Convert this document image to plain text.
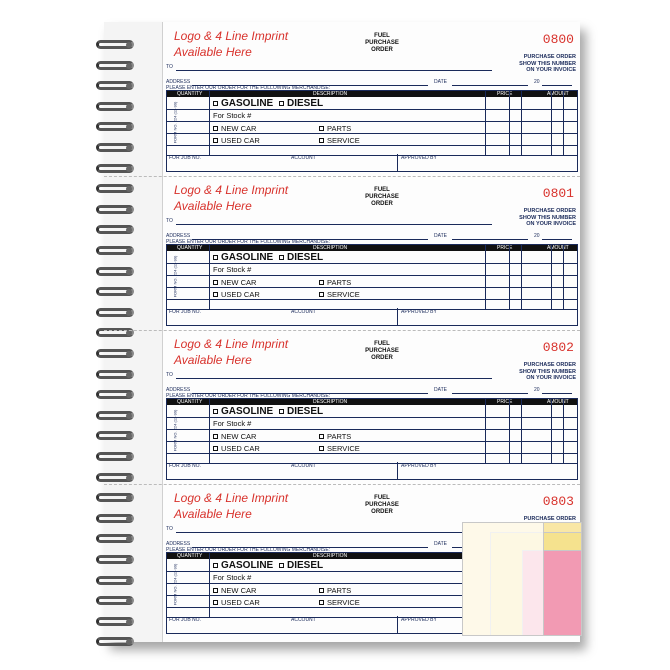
Logo & 4 Line Imprint
Available Here
FUEL
PURCHASE
ORDER
0800
PURCHASE ORDER
SHOW THIS NUMBER
ON YOUR INVOICE
TO
ADDRESS	DATE	20
PLEASE ENTER OUR ORDER FOR THE FOLLOWING MERCHANDISE:
QUANTITY	DESCRIPTION	PRICE	AMOUNT
GASOLINE	DIESEL
For Stock #
NEW CAR	PARTS
USED CAR	SERVICE
FOR JOB NO.	ACCOUNT	APPROVED BY
FORM NO. 224 (12-99)
Logo & 4 Line Imprint
Available Here
FUEL
PURCHASE
ORDER
0801
PURCHASE ORDER
SHOW THIS NUMBER
ON YOUR INVOICE
TO
ADDRESS	DATE	20
PLEASE ENTER OUR ORDER FOR THE FOLLOWING MERCHANDISE:
QUANTITY	DESCRIPTION	PRICE	AMOUNT
GASOLINE	DIESEL
For Stock #
NEW CAR	PARTS
USED CAR	SERVICE
FOR JOB NO.	ACCOUNT	APPROVED BY
FORM NO. 224 (12-99)
Logo & 4 Line Imprint
Available Here
FUEL
PURCHASE
ORDER
0802
PURCHASE ORDER
SHOW THIS NUMBER
ON YOUR INVOICE
TO
ADDRESS	DATE	20
PLEASE ENTER OUR ORDER FOR THE FOLLOWING MERCHANDISE:
QUANTITY	DESCRIPTION	PRICE	AMOUNT
GASOLINE	DIESEL
For Stock #
NEW CAR	PARTS
USED CAR	SERVICE
FOR JOB NO.	ACCOUNT	APPROVED BY
FORM NO. 224 (12-99)
Logo & 4 Line Imprint
Available Here
FUEL
PURCHASE
ORDER
0803
PURCHASE ORDER
TO
ADDRESS	DATE
PLEASE ENTER OUR ORDER FOR THE FOLLOWING MERCHANDISE:
QUANTITY	DESCRIPTION
GASOLINE	DIESEL
For Stock #
NEW CAR	PARTS
USED CAR	SERVICE
FOR JOB NO.	ACCOUNT	APPROVED BY
FORM NO. 224 (12-99)
